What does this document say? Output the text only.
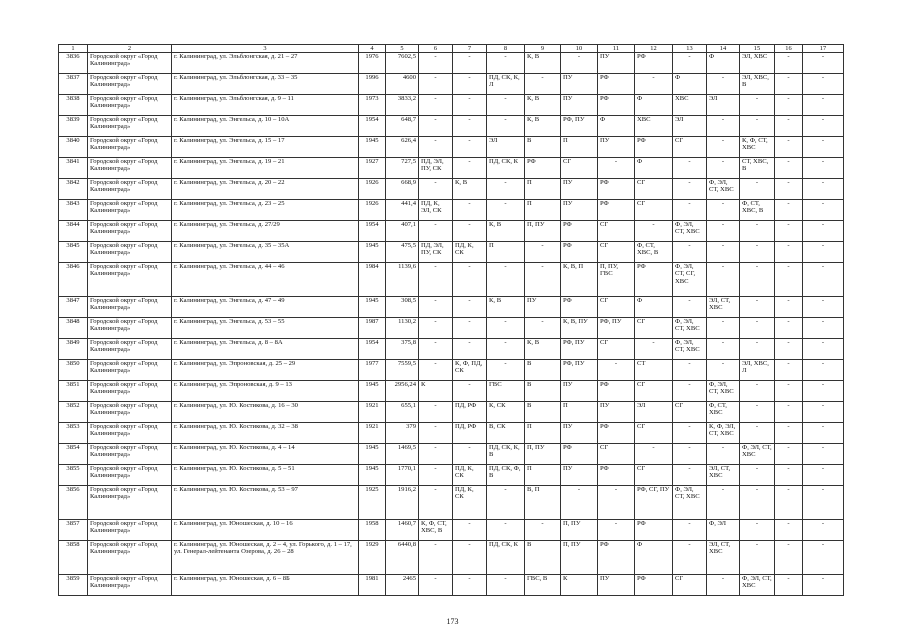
1	2	3	4	5	6	7	8	9	10	11	12	13	14	15	16	17
3836	Городской округ «Город Калининград»	г. Калининград, ул. Эльблонгская, д. 21 – 27	1976	7602,5	-	-	-	К, В	-	ПУ	РФ	-	Ф	ЭЛ, ХВС	-	-
3837	Городской округ «Город Калининград»	г. Калининград, ул. Эльблонгская, д. 33 – 35	1996	4600	-	-	ПД, СК, К, Л	-	ПУ	РФ	-	Ф	-	ЭЛ, ХВС, В	-	-
3838	Городской округ «Город Калининград»	г. Калининград, ул. Эльблонгская, д. 9 – 11	1973	3833,2	-	-	-	К, В	ПУ	РФ	Ф	ХВС	ЭЛ	-	-	-
3839	Городской округ «Город Калининград»	г. Калининград, ул. Энгельса, д. 10 – 10А	1954	648,7	-	-	-	К, В	РФ, ПУ	Ф	ХВС	ЭЛ	-	-	-	-
3840	Городской округ «Город Калининград»	г. Калининград, ул. Энгельса, д. 15 – 17	1945	626,4	-	-	ЭЛ	В	П	ПУ	РФ	СГ	-	К, Ф, СТ, ХВС	-	-
3841	Городской округ «Город Калининград»	г. Калининград, ул. Энгельса, д. 19 – 21	1927	727,5	ПД, ЭЛ, ПУ, СК	-	ПД, СК, К	РФ	СГ	-	Ф	-	-	СТ, ХВС, В	-	-
3842	Городской округ «Город Калининград»	г. Калининград, ул. Энгельса, д. 20 – 22	1926	668,9	-	К, В	-	П	ПУ	РФ	СГ	-	Ф, ЭЛ, СТ, ХВС	-	-	-
3843	Городской округ «Город Калининград»	г. Калининград, ул. Энгельса, д. 23 – 25	1926	441,4	ПД, К, ЭЛ, СК	-	-	П	ПУ	РФ	СГ	-	-	Ф, СТ, ХВС, В	-	-
3844	Городской округ «Город Калининград»	г. Калининград, ул. Энгельса, д. 27/29	1954	407,1	-	-	К, В	П, ПУ	РФ	СГ	-	Ф, ЭЛ, СТ, ХВС	-	-	-	-
3845	Городской округ «Город Калининград»	г. Калининград, ул. Энгельса, д. 35 – 35А	1945	475,5	ПД, ЭЛ, ПУ, СК	ПД, К, СК	П	-	РФ	СГ	Ф, СТ, ХВС, В	-	-	-	-	-
3846	Городской округ «Город Калининград»	г. Калининград, ул. Энгельса, д. 44 – 46	1984	1139,6	-	-	-	-	К, В, П	П, ПУ, ГВС	РФ	Ф, ЭЛ, СТ, СГ, ХВС	-	-	-	-
3847	Городской округ «Город Калининград»	г. Калининград, ул. Энгельса, д. 47 – 49	1945	308,5	-	-	К, В	ПУ	РФ	СГ	Ф	-	ЭЛ, СТ, ХВС	-	-	-
3848	Городской округ «Город Калининград»	г. Калининград, ул. Энгельса, д. 53 – 55	1987	1130,2	-	-	-	-	К, В, ПУ	РФ, ПУ	СГ	Ф, ЭЛ, СТ, ХВС	-	-	-	-
3849	Городской округ «Город Калининград»	г. Калининград, ул. Энгельса, д. 8 – 8А	1954	375,8	-	-	-	К, В	РФ, ПУ	СГ	-	Ф, ЭЛ, СТ, ХВС	-	-	-	-
3850	Городской округ «Город Калининград»	г. Калининград, ул. Эпроновская, д. 25 – 29	1977	7559,5	-	К, Ф, ПД, СК	-	В	РФ, ПУ	-	СТ	-	-	ЭЛ, ХВС, Л	-	-
3851	Городской округ «Город Калининград»	г. Калининград, ул. Эпроновская, д. 9 – 13	1945	2956,24	К	-	ГВС	В	ПУ	РФ	СГ	-	Ф, ЭЛ, СТ, ХВС	-	-	-
3852	Городской округ «Город Калининград»	г. Калининград, ул. Ю. Костикова, д. 16 – 30	1921	655,1	-	ПД, РФ	К, СК	В	П	ПУ	ЭЛ	СГ	Ф, СТ, ХВС	-	-	-
3853	Городской округ «Город Калининград»	г. Калининград, ул. Ю. Костикова, д. 32 – 38	1921	379	-	ПД, РФ	В, СК	П	ПУ	РФ	СГ	-	К, Ф, ЭЛ, СТ, ХВС	-	-	-
3854	Городской округ «Город Калининград»	г. Калининград, ул. Ю. Костикова, д. 4 – 14	1945	1469,5	-	-	ПД, СК, К, В	П, ПУ	РФ	СГ	-	-	-	Ф, ЭЛ, СТ, ХВС	-	-
3855	Городской округ «Город Калининград»	г. Калининград, ул. Ю. Костикова, д. 5 – 51	1945	1770,1	-	ПД, К, СК	ПД, СК, Ф, В	П	ПУ	РФ	СГ	-	ЭЛ, СТ, ХВС	-	-	-
3856	Городской округ «Город Калининград»	г. Калининград, ул. Ю. Костикова, д. 53 – 97	1925	1916,2	-	ПД, К, СК	-	В, П	-	-	РФ, СГ, ПУ	Ф, ЭЛ, СТ, ХВС	-	-	-	-
3857	Городской округ «Город Калининград»	г. Калининград, ул. Юношеская, д. 10 – 16	1958	1460,7	К, Ф, СТ, ХВС, В	-	-	-	П, ПУ	-	РФ	-	Ф, ЭЛ	-	-	-
3858	Городской округ «Город Калининград»	г. Калининград, ул. Юношеская, д. 2 – 4, ул. Горького, д. 1 – 17, ул. Генерал-лейтенанта Озерова, д. 26 – 28	1929	6440,8	-	-	ПД, СК, К	В	П, ПУ	РФ	Ф	-	ЭЛ, СТ, ХВС	-	-	-
3859	Городской округ «Город Калининград»	г. Калининград, ул. Юношеская, д. 6 – 8Б	1981	2465	-	-	-	ГВС, В	К	ПУ	РФ	СГ	-	Ф, ЭЛ, СТ, ХВС	-	-
173
